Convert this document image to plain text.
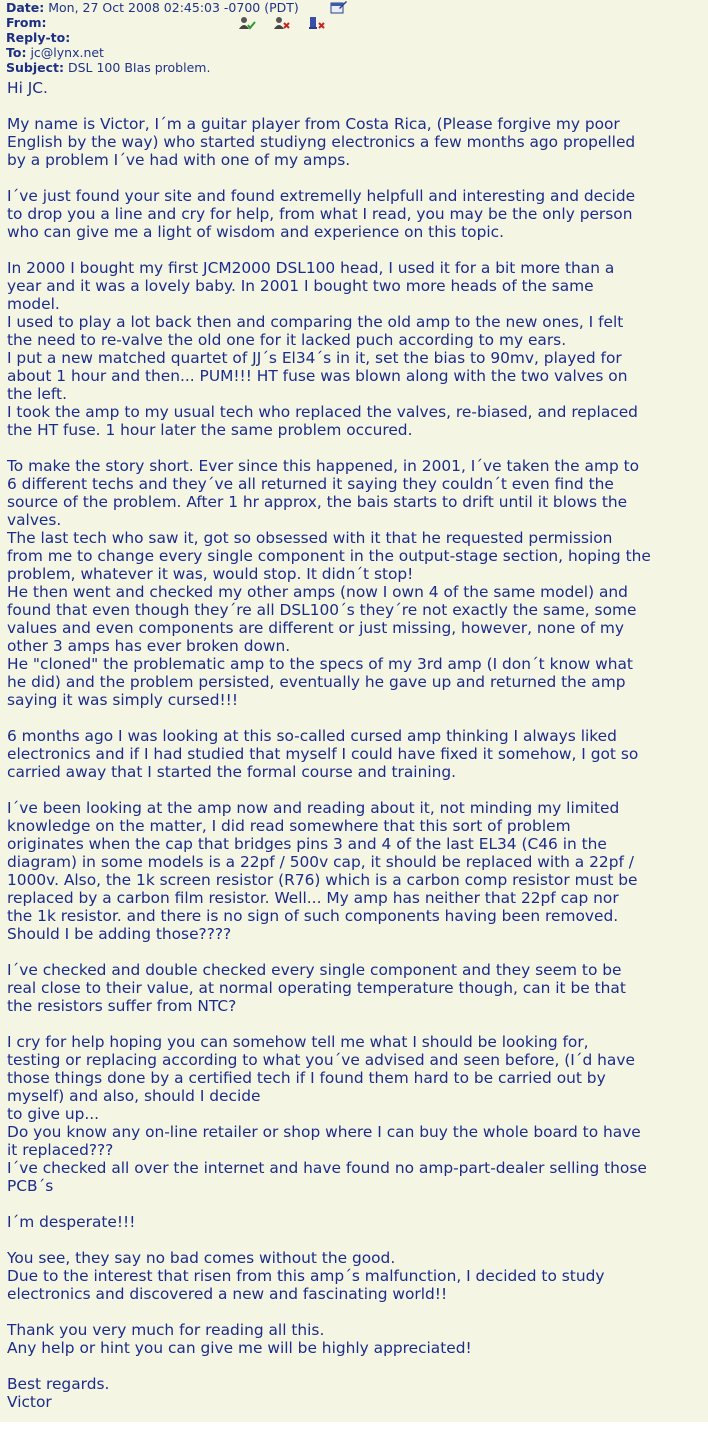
Date: Mon, 27 Oct 2008 02:45:03 -0700 (PDT)
From:

Reply-to:
To: jc@lynx.net
Subject: DSL 100 BIas problem.
Hi JC.
My name is Victor, I´m a guitar player from Costa Rica, (Please forgive my poor
English by the way) who started studiyng electronics a few months ago propelled
by a problem I´ve had with one of my amps.
I´ve just found your site and found extremelly helpfull and interesting and decide
to drop you a line and cry for help, from what I read, you may be the only person
who can give me a light of wisdom and experience on this topic.
In 2000 I bought my first JCM2000 DSL100 head, I used it for a bit more than a
year and it was a lovely baby. In 2001 I bought two more heads of the same
model.
I used to play a lot back then and comparing the old amp to the new ones, I felt
the need to re-valve the old one for it lacked puch according to my ears.
I put a new matched quartet of JJ´s El34´s in it, set the bias to 90mv, played for
about 1 hour and then... PUM!!! HT fuse was blown along with the two valves on
the left.
I took the amp to my usual tech who replaced the valves, re-biased, and replaced
the HT fuse. 1 hour later the same problem occured.
To make the story short. Ever since this happened, in 2001, I´ve taken the amp to
6 different techs and they´ve all returned it saying they couldn´t even find the
source of the problem. After 1 hr approx, the bais starts to drift until it blows the
valves.
The last tech who saw it, got so obsessed with it that he requested permission
from me to change every single component in the output-stage section, hoping the
problem, whatever it was, would stop. It didn´t stop!
He then went and checked my other amps (now I own 4 of the same model) and
found that even though they´re all DSL100´s they´re not exactly the same, some
values and even components are different or just missing, however, none of my
other 3 amps has ever broken down.
He "cloned" the problematic amp to the specs of my 3rd amp (I don´t know what
he did) and the problem persisted, eventually he gave up and returned the amp
saying it was simply cursed!!!
6 months ago I was looking at this so-called cursed amp thinking I always liked
electronics and if I had studied that myself I could have fixed it somehow, I got so
carried away that I started the formal course and training.
I´ve been looking at the amp now and reading about it, not minding my limited
knowledge on the matter, I did read somewhere that this sort of problem
originates when the cap that bridges pins 3 and 4 of the last EL34 (C46 in the
diagram) in some models is a 22pf / 500v cap, it should be replaced with a 22pf /
1000v. Also, the 1k screen resistor (R76) which is a carbon comp resistor must be
replaced by a carbon film resistor. Well... My amp has neither that 22pf cap nor
the 1k resistor. and there is no sign of such components having been removed.
Should I be adding those????
I´ve checked and double checked every single component and they seem to be
real close to their value, at normal operating temperature though, can it be that
the resistors suffer from NTC?
I cry for help hoping you can somehow tell me what I should be looking for,
testing or replacing according to what you´ve advised and seen before, (I´d have
those things done by a certified tech if I found them hard to be carried out by
myself) and also, should I decide
to give up...
Do you know any on-line retailer or shop where I can buy the whole board to have
it replaced???
I´ve checked all over the internet and have found no amp-part-dealer selling those
PCB´s
I´m desperate!!!
You see, they say no bad comes without the good.
Due to the interest that risen from this amp´s malfunction, I decided to study
electronics and discovered a new and fascinating world!!
Thank you very much for reading all this.
Any help or hint you can give me will be highly appreciated!
Best regards.
Victor
